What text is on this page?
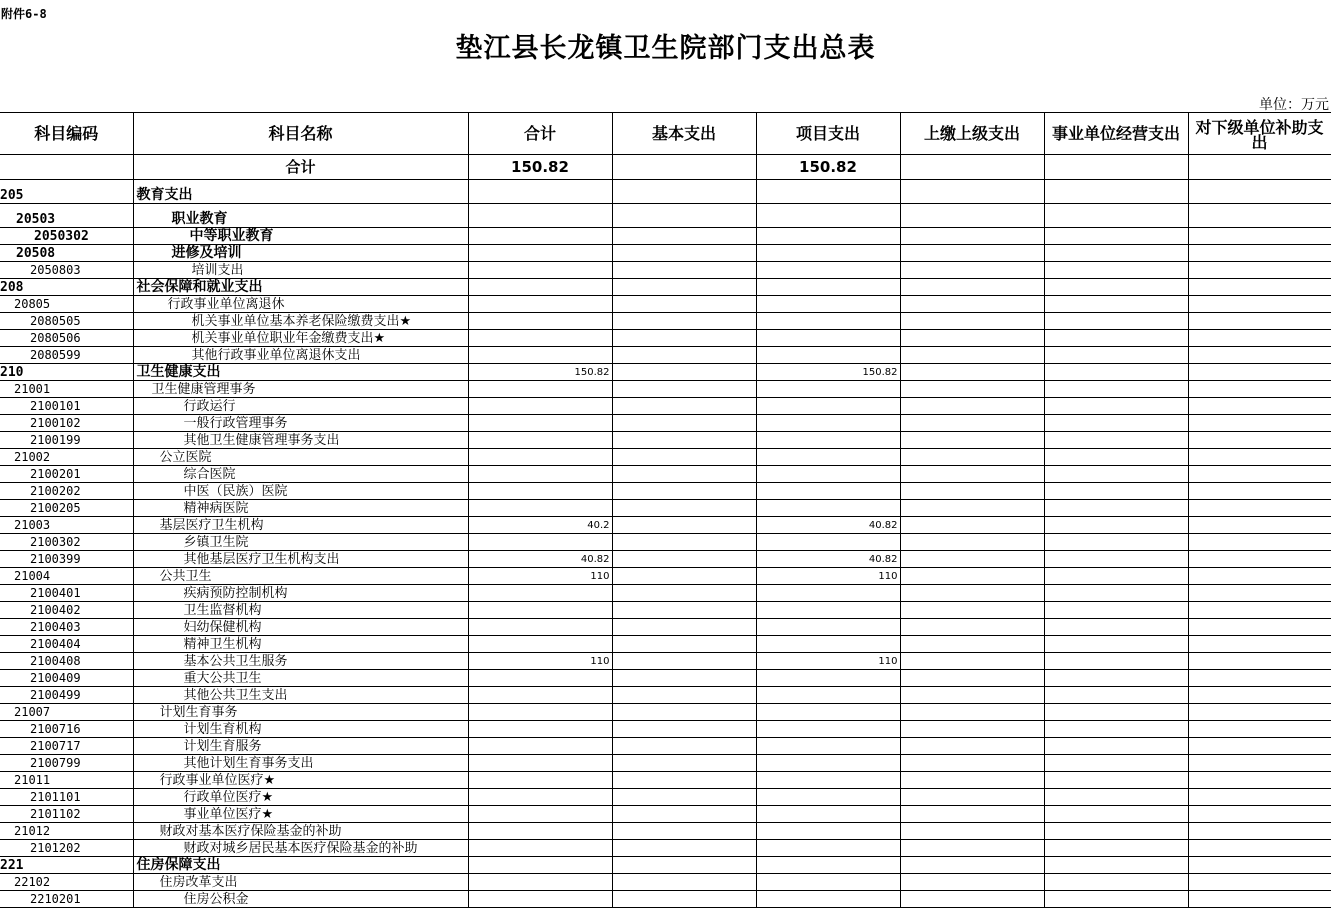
附件6-8
垫江县长龙镇卫生院部门支出总表
单位：万元
科目编码	科目名称	合计	基本支出	项目支出	上缴上级支出	事业单位经营支出	对下级单位补助支出
	合计	150.82		150.82			
205	教育支出						
20503	职业教育						
2050302	中等职业教育						
20508	进修及培训						
2050803	培训支出						
208	社会保障和就业支出						
20805	行政事业单位离退休						
2080505	机关事业单位基本养老保险缴费支出★						
2080506	机关事业单位职业年金缴费支出★						
2080599	其他行政事业单位离退休支出						
210	卫生健康支出	150.82		150.82			
21001	卫生健康管理事务						
2100101	行政运行						
2100102	一般行政管理事务						
2100199	其他卫生健康管理事务支出						
21002	公立医院						
2100201	综合医院						
2100202	中医（民族）医院						
2100205	精神病医院						
21003	基层医疗卫生机构	40.2		40.82			
2100302	乡镇卫生院						
2100399	其他基层医疗卫生机构支出	40.82		40.82			
21004	公共卫生	110		110			
2100401	疾病预防控制机构						
2100402	卫生监督机构						
2100403	妇幼保健机构						
2100404	精神卫生机构						
2100408	基本公共卫生服务	110		110			
2100409	重大公共卫生						
2100499	其他公共卫生支出						
21007	计划生育事务						
2100716	计划生育机构						
2100717	计划生育服务						
2100799	其他计划生育事务支出						
21011	行政事业单位医疗★						
2101101	行政单位医疗★						
2101102	事业单位医疗★						
21012	财政对基本医疗保险基金的补助						
2101202	财政对城乡居民基本医疗保险基金的补助						
221	住房保障支出						
22102	住房改革支出						
2210201	住房公积金						
